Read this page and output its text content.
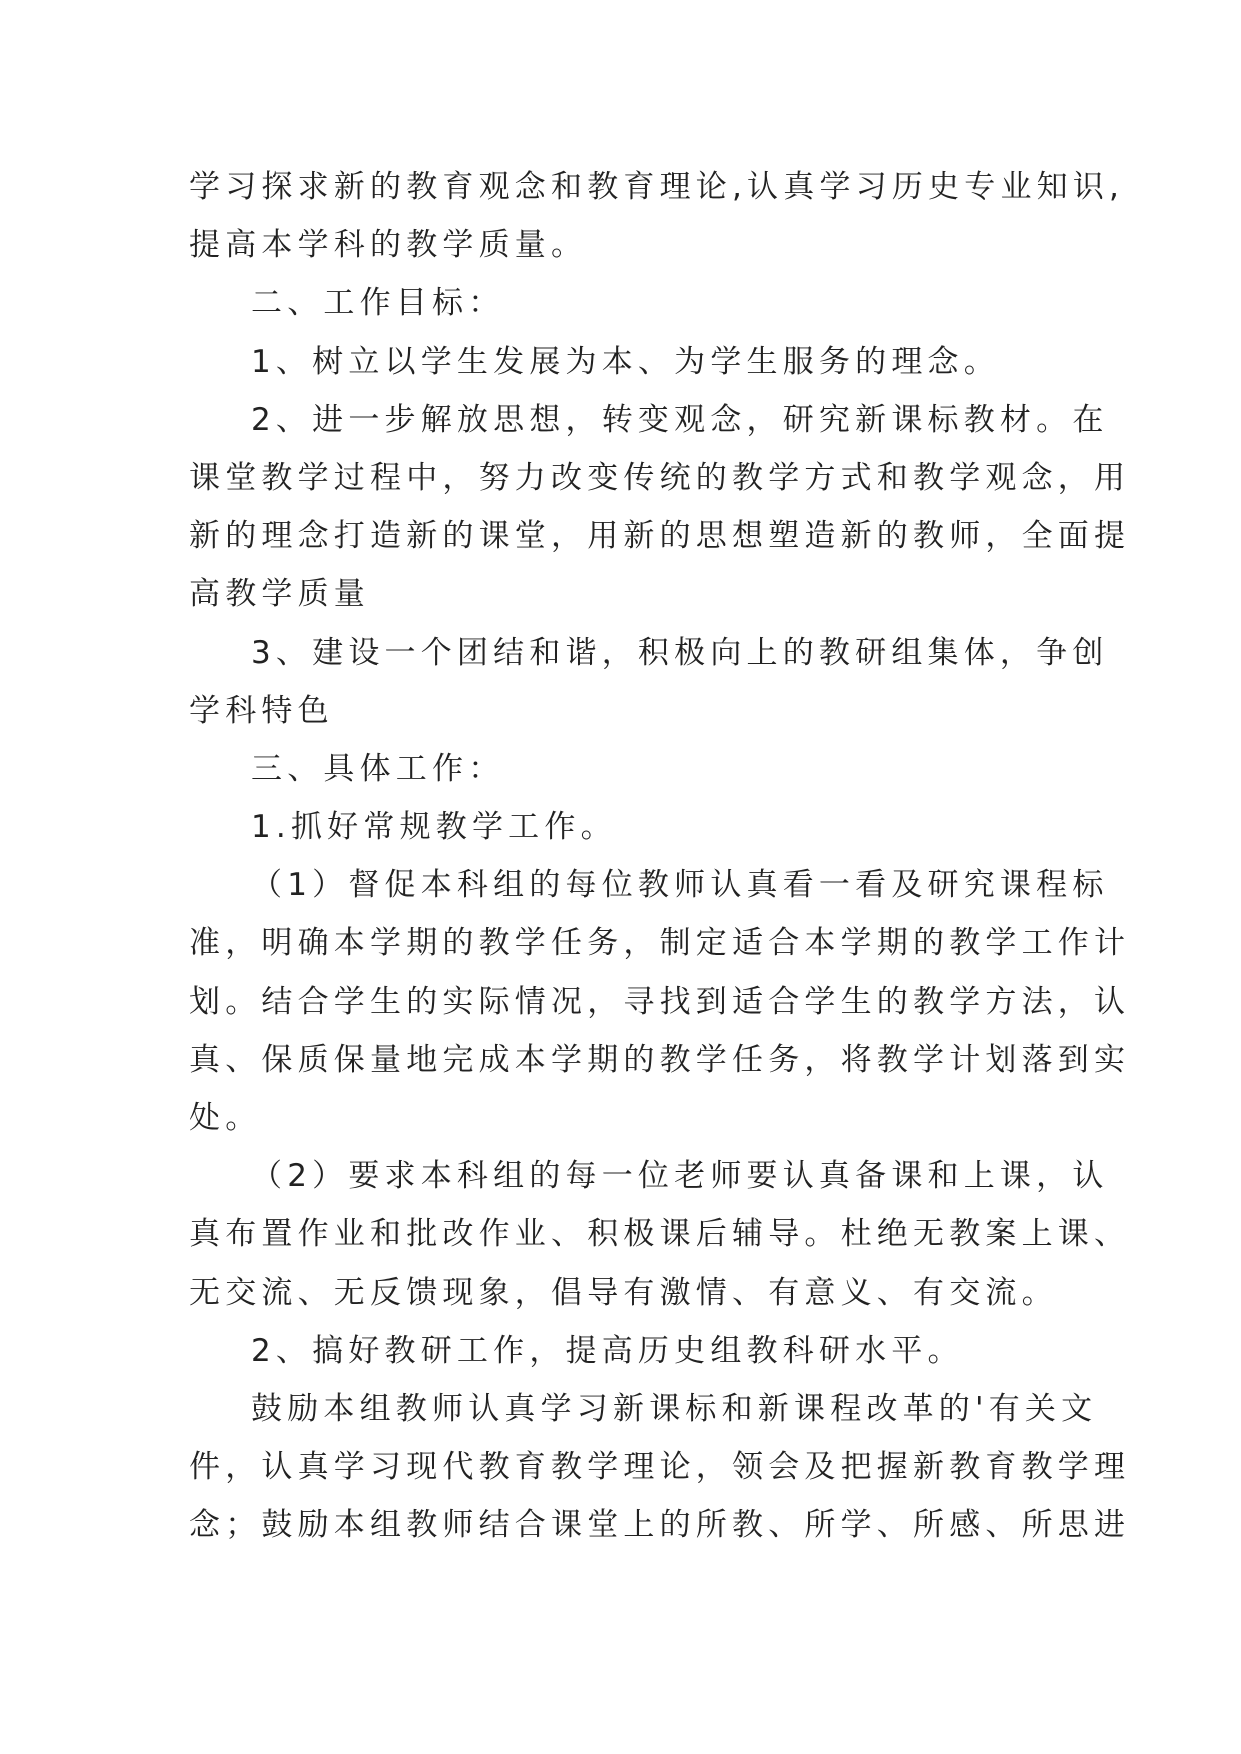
学习探求新的教育观念和教育理论,认真学习历史专业知识,
提高本学科的教学质量。
二、工作目标：
1、树立以学生发展为本、为学生服务的理念。
2、进一步解放思想，转变观念，研究新课标教材。在
课堂教学过程中，努力改变传统的教学方式和教学观念，用
新的理念打造新的课堂，用新的思想塑造新的教师，全面提
高教学质量
3、建设一个团结和谐，积极向上的教研组集体，争创
学科特色
三、具体工作：
1.抓好常规教学工作。
（1）督促本科组的每位教师认真看一看及研究课程标
准，明确本学期的教学任务，制定适合本学期的教学工作计
划。结合学生的实际情况，寻找到适合学生的教学方法，认
真、保质保量地完成本学期的教学任务，将教学计划落到实
处。
（2）要求本科组的每一位老师要认真备课和上课，认
真布置作业和批改作业、积极课后辅导。杜绝无教案上课、
无交流、无反馈现象，倡导有激情、有意义、有交流。
2、搞好教研工作，提高历史组教科研水平。
鼓励本组教师认真学习新课标和新课程改革的'有关文
件，认真学习现代教育教学理论，领会及把握新教育教学理
念；鼓励本组教师结合课堂上的所教、所学、所感、所思进
